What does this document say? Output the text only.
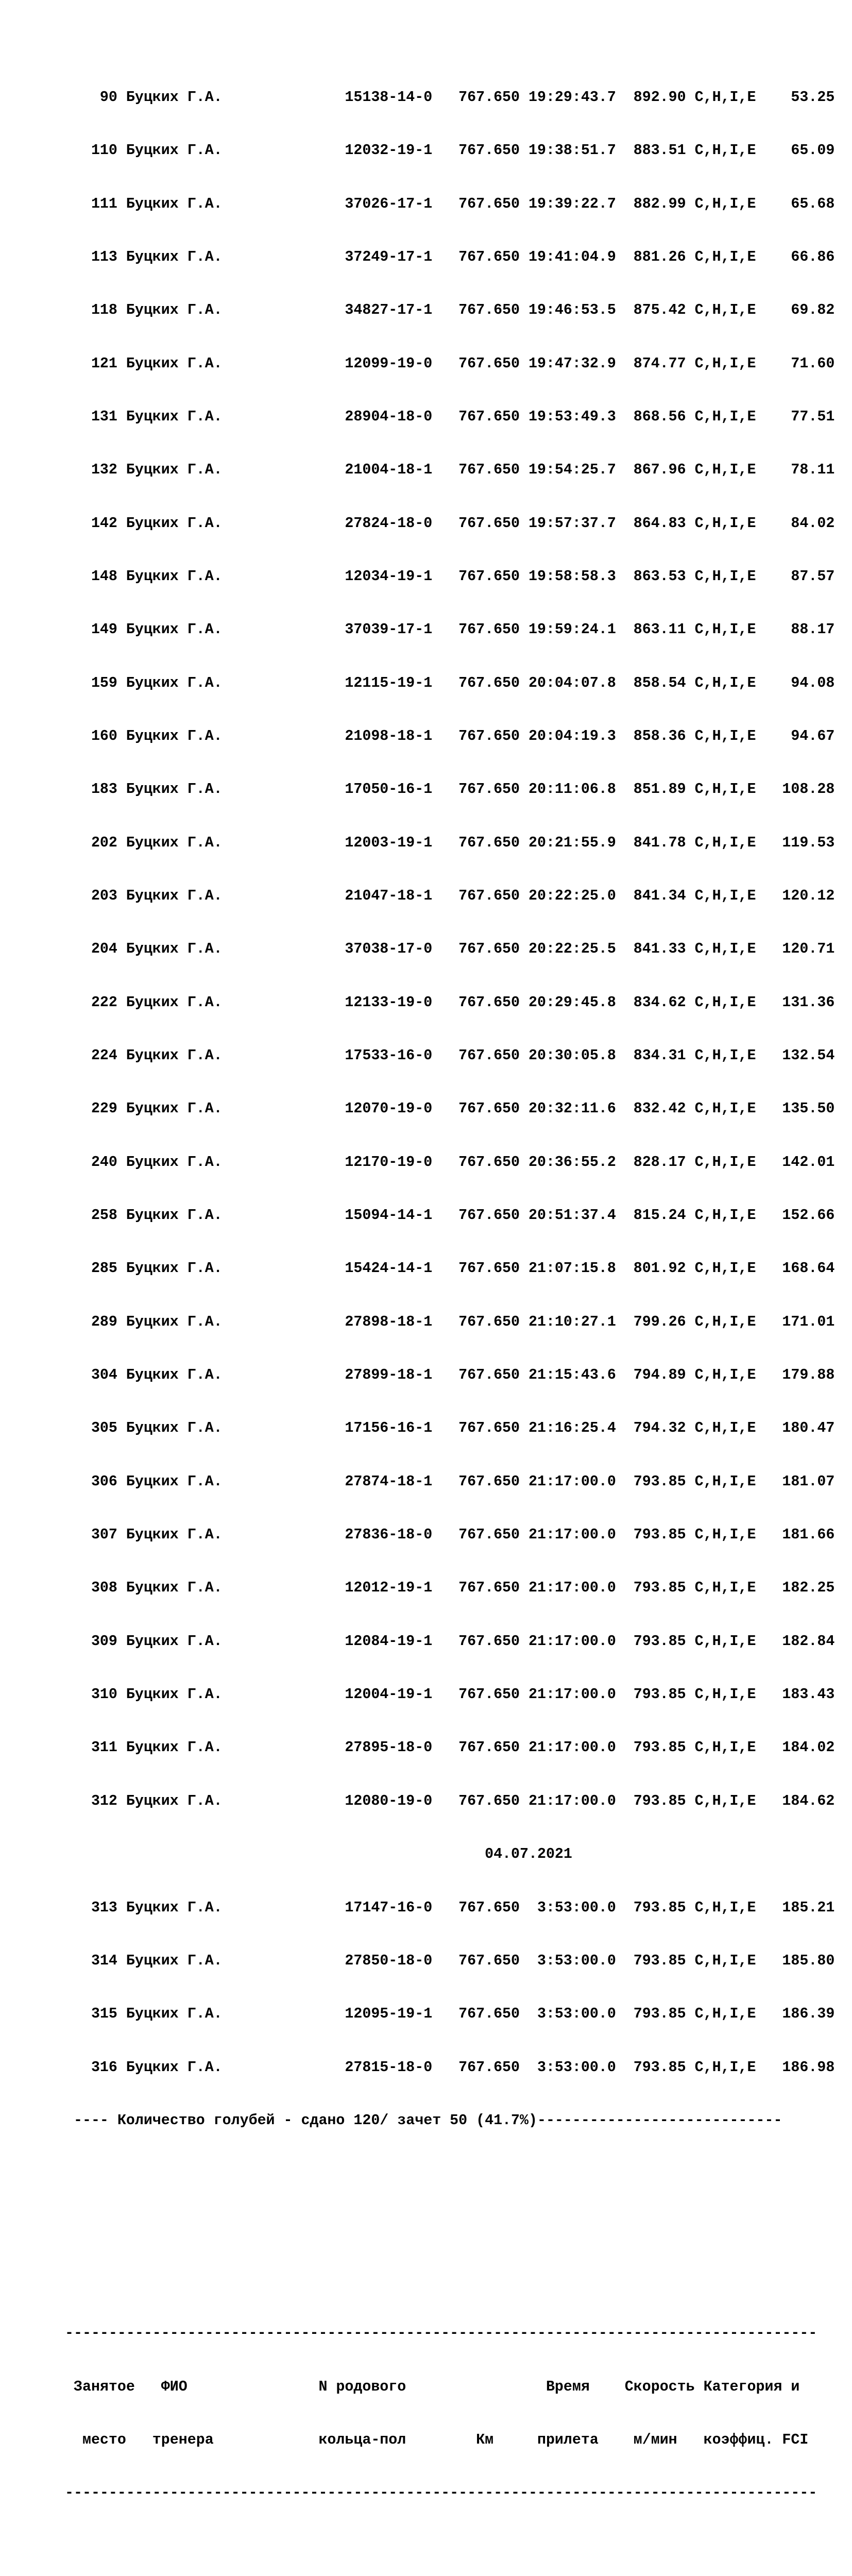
90 Буцких Г.А.              15138-14-0   767.650 19:29:43.7  892.90 C,H,I,E    53.25

110 Буцких Г.А.              12032-19-1   767.650 19:38:51.7  883.51 C,H,I,E    65.09

111 Буцких Г.А.              37026-17-1   767.650 19:39:22.7  882.99 C,H,I,E    65.68

113 Буцких Г.А.              37249-17-1   767.650 19:41:04.9  881.26 C,H,I,E    66.86

118 Буцких Г.А.              34827-17-1   767.650 19:46:53.5  875.42 C,H,I,E    69.82

121 Буцких Г.А.              12099-19-0   767.650 19:47:32.9  874.77 C,H,I,E    71.60

131 Буцких Г.А.              28904-18-0   767.650 19:53:49.3  868.56 C,H,I,E    77.51

132 Буцких Г.А.              21004-18-1   767.650 19:54:25.7  867.96 C,H,I,E    78.11

142 Буцких Г.А.              27824-18-0   767.650 19:57:37.7  864.83 C,H,I,E    84.02

148 Буцких Г.А.              12034-19-1   767.650 19:58:58.3  863.53 C,H,I,E    87.57

149 Буцких Г.А.              37039-17-1   767.650 19:59:24.1  863.11 C,H,I,E    88.17

159 Буцких Г.А.              12115-19-1   767.650 20:04:07.8  858.54 C,H,I,E    94.08

160 Буцких Г.А.              21098-18-1   767.650 20:04:19.3  858.36 C,H,I,E    94.67

183 Буцких Г.А.              17050-16-1   767.650 20:11:06.8  851.89 C,H,I,E   108.28

202 Буцких Г.А.              12003-19-1   767.650 20:21:55.9  841.78 C,H,I,E   119.53

203 Буцких Г.А.              21047-18-1   767.650 20:22:25.0  841.34 C,H,I,E   120.12

204 Буцких Г.А.              37038-17-0   767.650 20:22:25.5  841.33 C,H,I,E   120.71

222 Буцких Г.А.              12133-19-0   767.650 20:29:45.8  834.62 C,H,I,E   131.36

224 Буцких Г.А.              17533-16-0   767.650 20:30:05.8  834.31 C,H,I,E   132.54

229 Буцких Г.А.              12070-19-0   767.650 20:32:11.6  832.42 C,H,I,E   135.50

240 Буцких Г.А.              12170-19-0   767.650 20:36:55.2  828.17 C,H,I,E   142.01

258 Буцких Г.А.              15094-14-1   767.650 20:51:37.4  815.24 C,H,I,E   152.66

285 Буцких Г.А.              15424-14-1   767.650 21:07:15.8  801.92 C,H,I,E   168.64

289 Буцких Г.А.              27898-18-1   767.650 21:10:27.1  799.26 C,H,I,E   171.01

304 Буцких Г.А.              27899-18-1   767.650 21:15:43.6  794.89 C,H,I,E   179.88

305 Буцких Г.А.              17156-16-1   767.650 21:16:25.4  794.32 C,H,I,E   180.47

306 Буцких Г.А.              27874-18-1   767.650 21:17:00.0  793.85 C,H,I,E   181.07

307 Буцких Г.А.              27836-18-0   767.650 21:17:00.0  793.85 C,H,I,E   181.66

308 Буцких Г.А.              12012-19-1   767.650 21:17:00.0  793.85 C,H,I,E   182.25

309 Буцких Г.А.              12084-19-1   767.650 21:17:00.0  793.85 C,H,I,E   182.84

310 Буцких Г.А.              12004-19-1   767.650 21:17:00.0  793.85 C,H,I,E   183.43

311 Буцких Г.А.              27895-18-0   767.650 21:17:00.0  793.85 C,H,I,E   184.02

312 Буцких Г.А.              12080-19-0   767.650 21:17:00.0  793.85 C,H,I,E   184.62

04.07.2021

313 Буцких Г.А.              17147-16-0   767.650  3:53:00.0  793.85 C,H,I,E   185.21

314 Буцких Г.А.              27850-18-0   767.650  3:53:00.0  793.85 C,H,I,E   185.80

315 Буцких Г.А.              12095-19-1   767.650  3:53:00.0  793.85 C,H,I,E   186.39

316 Буцких Г.А.              27815-18-0   767.650  3:53:00.0  793.85 C,H,I,E   186.98

---- Количество голубей - сдано 120/ зачет 50 (41.7%)----------------------------

--------------------------------------------------------------------------------------

Занятое   ФИО               N родового                Время    Скорость Категория и

место   тренера            кольца-пол        Км     прилета    м/мин   коэффиц. FCI

--------------------------------------------------------------------------------------
